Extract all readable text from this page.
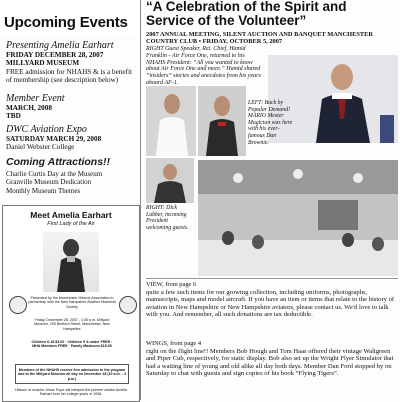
Upcoming Events
Presenting Amelia Earhart
FRIDAY DECEMBER 28, 2007
MILLYARD MUSEUM
FREE admission for NHAHS & is a benefit of membership (see description below)
Member Event
MARCH, 2008
TBD
DWC Aviation Expo
SATURDAY MARCH 29, 2008
Daniel Webster College
Coming Attractions!!
Charlie Curtis Day at the Museum
Granville Museum Dedication
Monthly Museum Themes
Meet Amelia Earhart
First Lady of the Air
Presented by the Manchester Historic Association in partnership with the New Hampshire Aviation Historical Society
Friday, December 28, 2007 - 1:00 p.m. Millyard Museum, 200 Bedford Street, Manchester, New Hampshire
Children 6-18 $3.00 · Children 5 & under FREE · MHA Members FREE · Family Maximum $15.00
Members of the NHAHS receive free admission to the program and to the Millyard Museum all day on December 28 (10 a.m. - 4 p.m.)
Historic re-enactor Jesse Pope will interpret the pioneer aviator Amelia Earhart from her college years of 1936.
“A Celebration of the Spirit and Service of the Volunteer”
2007 ANNUAL MEETING, SILENT AUCTION AND BANQUET MANCHESTER COUNTRY CLUB • FRIDAY, OCTOBER 5, 2007
RIGHT Guest Speaker, Ret. Chief, Hamid Franklin - Air Force One, returned to his NHAHS President: “All you wanted to know about Air Force One and more.” Hamid shared “insiders” stories and anecdotes from his years aboard AF-1.
LEFT: Back by Popular Demand! MARIO Mester Magician was here with his ever-famous Dan Brownie.
RIGHT: Dick Lubber, incoming President welcoming guests.
VIEW, from page 6
quite a few such items for our growing collection, including uniforms, photographs, manuscripts, maps and model aircraft. If you have an item or items that relate to the history of aviation in New Hampshire or New Hampshire aviators, please contact us. We'd love to talk with you. And remember, all such donations are tax deductible.
WINGS, from page 4
right on the flight line!! Members Bob Hough and Tom Haas offered their vintage Waltgreen and Piper Cub, respectively, for static display. Bob also set up the Wright Flyer Simulator that had a waiting line of young and old alike all day both days. Member Dan Ford stopped by on Saturday to chat with guests and sign copies of his book “Flying Tigers”.
